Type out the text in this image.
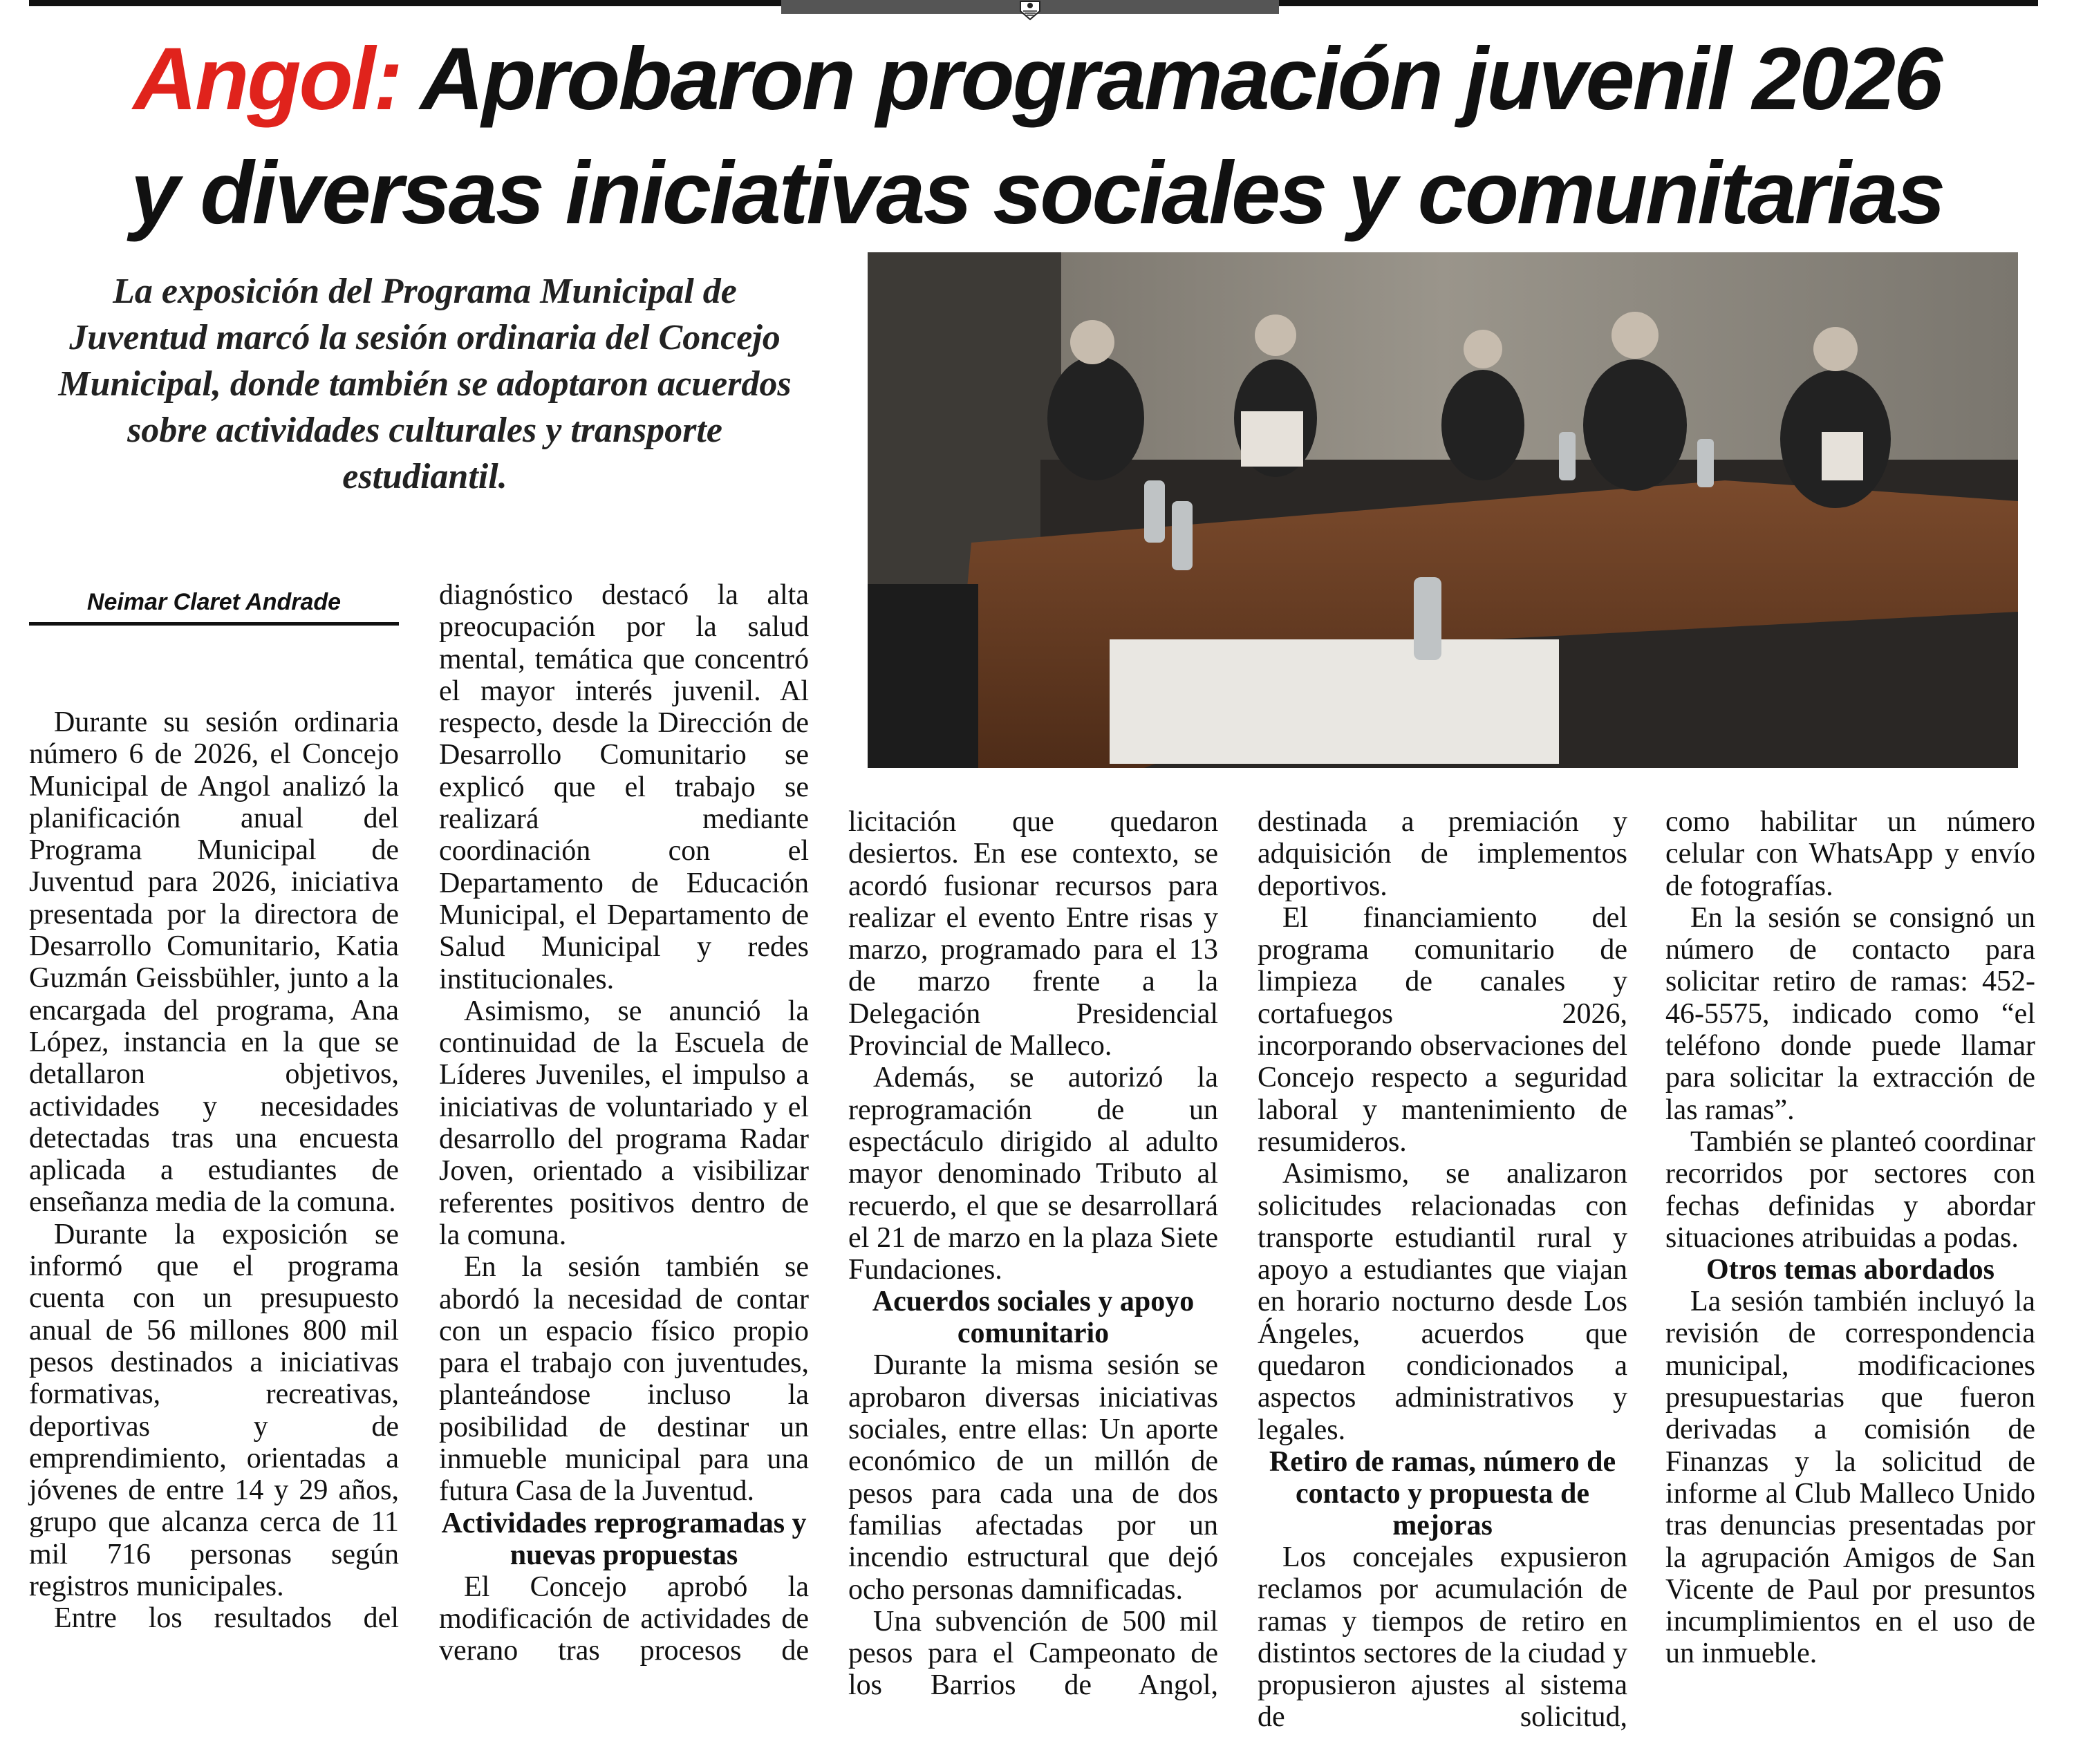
Angol: Aprobaron programación juvenil 2026
y diversas iniciativas sociales y comunitarias
La exposición del Programa Municipal de Juventud marcó la sesión ordinaria del Concejo Municipal, donde también se adoptaron acuerdos sobre actividades culturales y transporte estudiantil.
Neimar Claret Andrade

Durante su sesión ordinaria número 6 de 2026, el Concejo Municipal de Angol analizó la planificación anual del Programa Municipal de Juventud para 2026, iniciativa presentada por la directora de Desarrollo Comunitario, Katia Guzmán Geissbühler, junto a la encargada del programa, Ana López, instancia en la que se detallaron objetivos, actividades y necesidades detectadas tras una encuesta aplicada a estudiantes de enseñanza media de la comuna.

Durante la exposición se informó que el programa cuenta con un presupuesto anual de 56 millones 800 mil pesos destinados a iniciativas formativas, recreativas, deportivas y de emprendimiento, orientadas a jóvenes de entre 14 y 29 años, grupo que alcanza cerca de 11 mil 716 personas según registros municipales.

Entre los resultados del

diagnóstico destacó la alta preocupación por la salud mental, temática que concentró el mayor interés juvenil. Al respecto, desde la Dirección de Desarrollo Comunitario se explicó que el trabajo se realizará mediante coordinación con el Departamento de Educación Municipal, el Departamento de Salud Municipal y redes institucionales.

Asimismo, se anunció la continuidad de la Escuela de Líderes Juveniles, el impulso a iniciativas de voluntariado y el desarrollo del programa Radar Joven, orientado a visibilizar referentes positivos dentro de la comuna.

En la sesión también se abordó la necesidad de contar con un espacio físico propio para el trabajo con juventudes, planteándose incluso la posibilidad de destinar un inmueble municipal para una futura Casa de la Juventud.

Actividades reprogramadas y nuevas propuestas

El Concejo aprobó la modificación de actividades de verano tras procesos de

licitación que quedaron desiertos. En ese contexto, se acordó fusionar recursos para realizar el evento Entre risas y marzo, programado para el 13 de marzo frente a la Delegación Presidencial Provincial de Malleco.

Además, se autorizó la reprogramación de un espectáculo dirigido al adulto mayor denominado Tributo al recuerdo, el que se desarrollará el 21 de marzo en la plaza Siete Fundaciones.

Acuerdos sociales y apoyo comunitario

Durante la misma sesión se aprobaron diversas iniciativas sociales, entre ellas: Un aporte económico de un millón de pesos para cada una de dos familias afectadas por un incendio estructural que dejó ocho personas damnificadas.

Una subvención de 500 mil pesos para el Campeonato de los Barrios de Angol,

destinada a premiación y adquisición de implementos deportivos.

El financiamiento del programa comunitario de limpieza de canales y cortafuegos 2026, incorporando observaciones del Concejo respecto a seguridad laboral y mantenimiento de resumideros.

Asimismo, se analizaron solicitudes relacionadas con transporte estudiantil rural y apoyo a estudiantes que viajan en horario nocturno desde Los Ángeles, acuerdos que quedaron condicionados a aspectos administrativos y legales.

Retiro de ramas, número de contacto y propuesta de mejoras

Los concejales expusieron reclamos por acumulación de ramas y tiempos de retiro en distintos sectores de la ciudad y propusieron ajustes al sistema de solicitud,

como habilitar un número celular con WhatsApp y envío de fotografías.

En la sesión se consignó un número de contacto para solicitar retiro de ramas: 452-46-5575, indicado como “el teléfono donde puede llamar para solicitar la extracción de las ramas”.

También se planteó coordinar recorridos por sectores con fechas definidas y abordar situaciones atribuidas a podas.

Otros temas abordados

La sesión también incluyó la revisión de correspondencia municipal, modificaciones presupuestarias que fueron derivadas a comisión de Finanzas y la solicitud de informe al Club Malleco Unido tras denuncias presentadas por la agrupación Amigos de San Vicente de Paul por presuntos incumplimientos en el uso de un inmueble.
